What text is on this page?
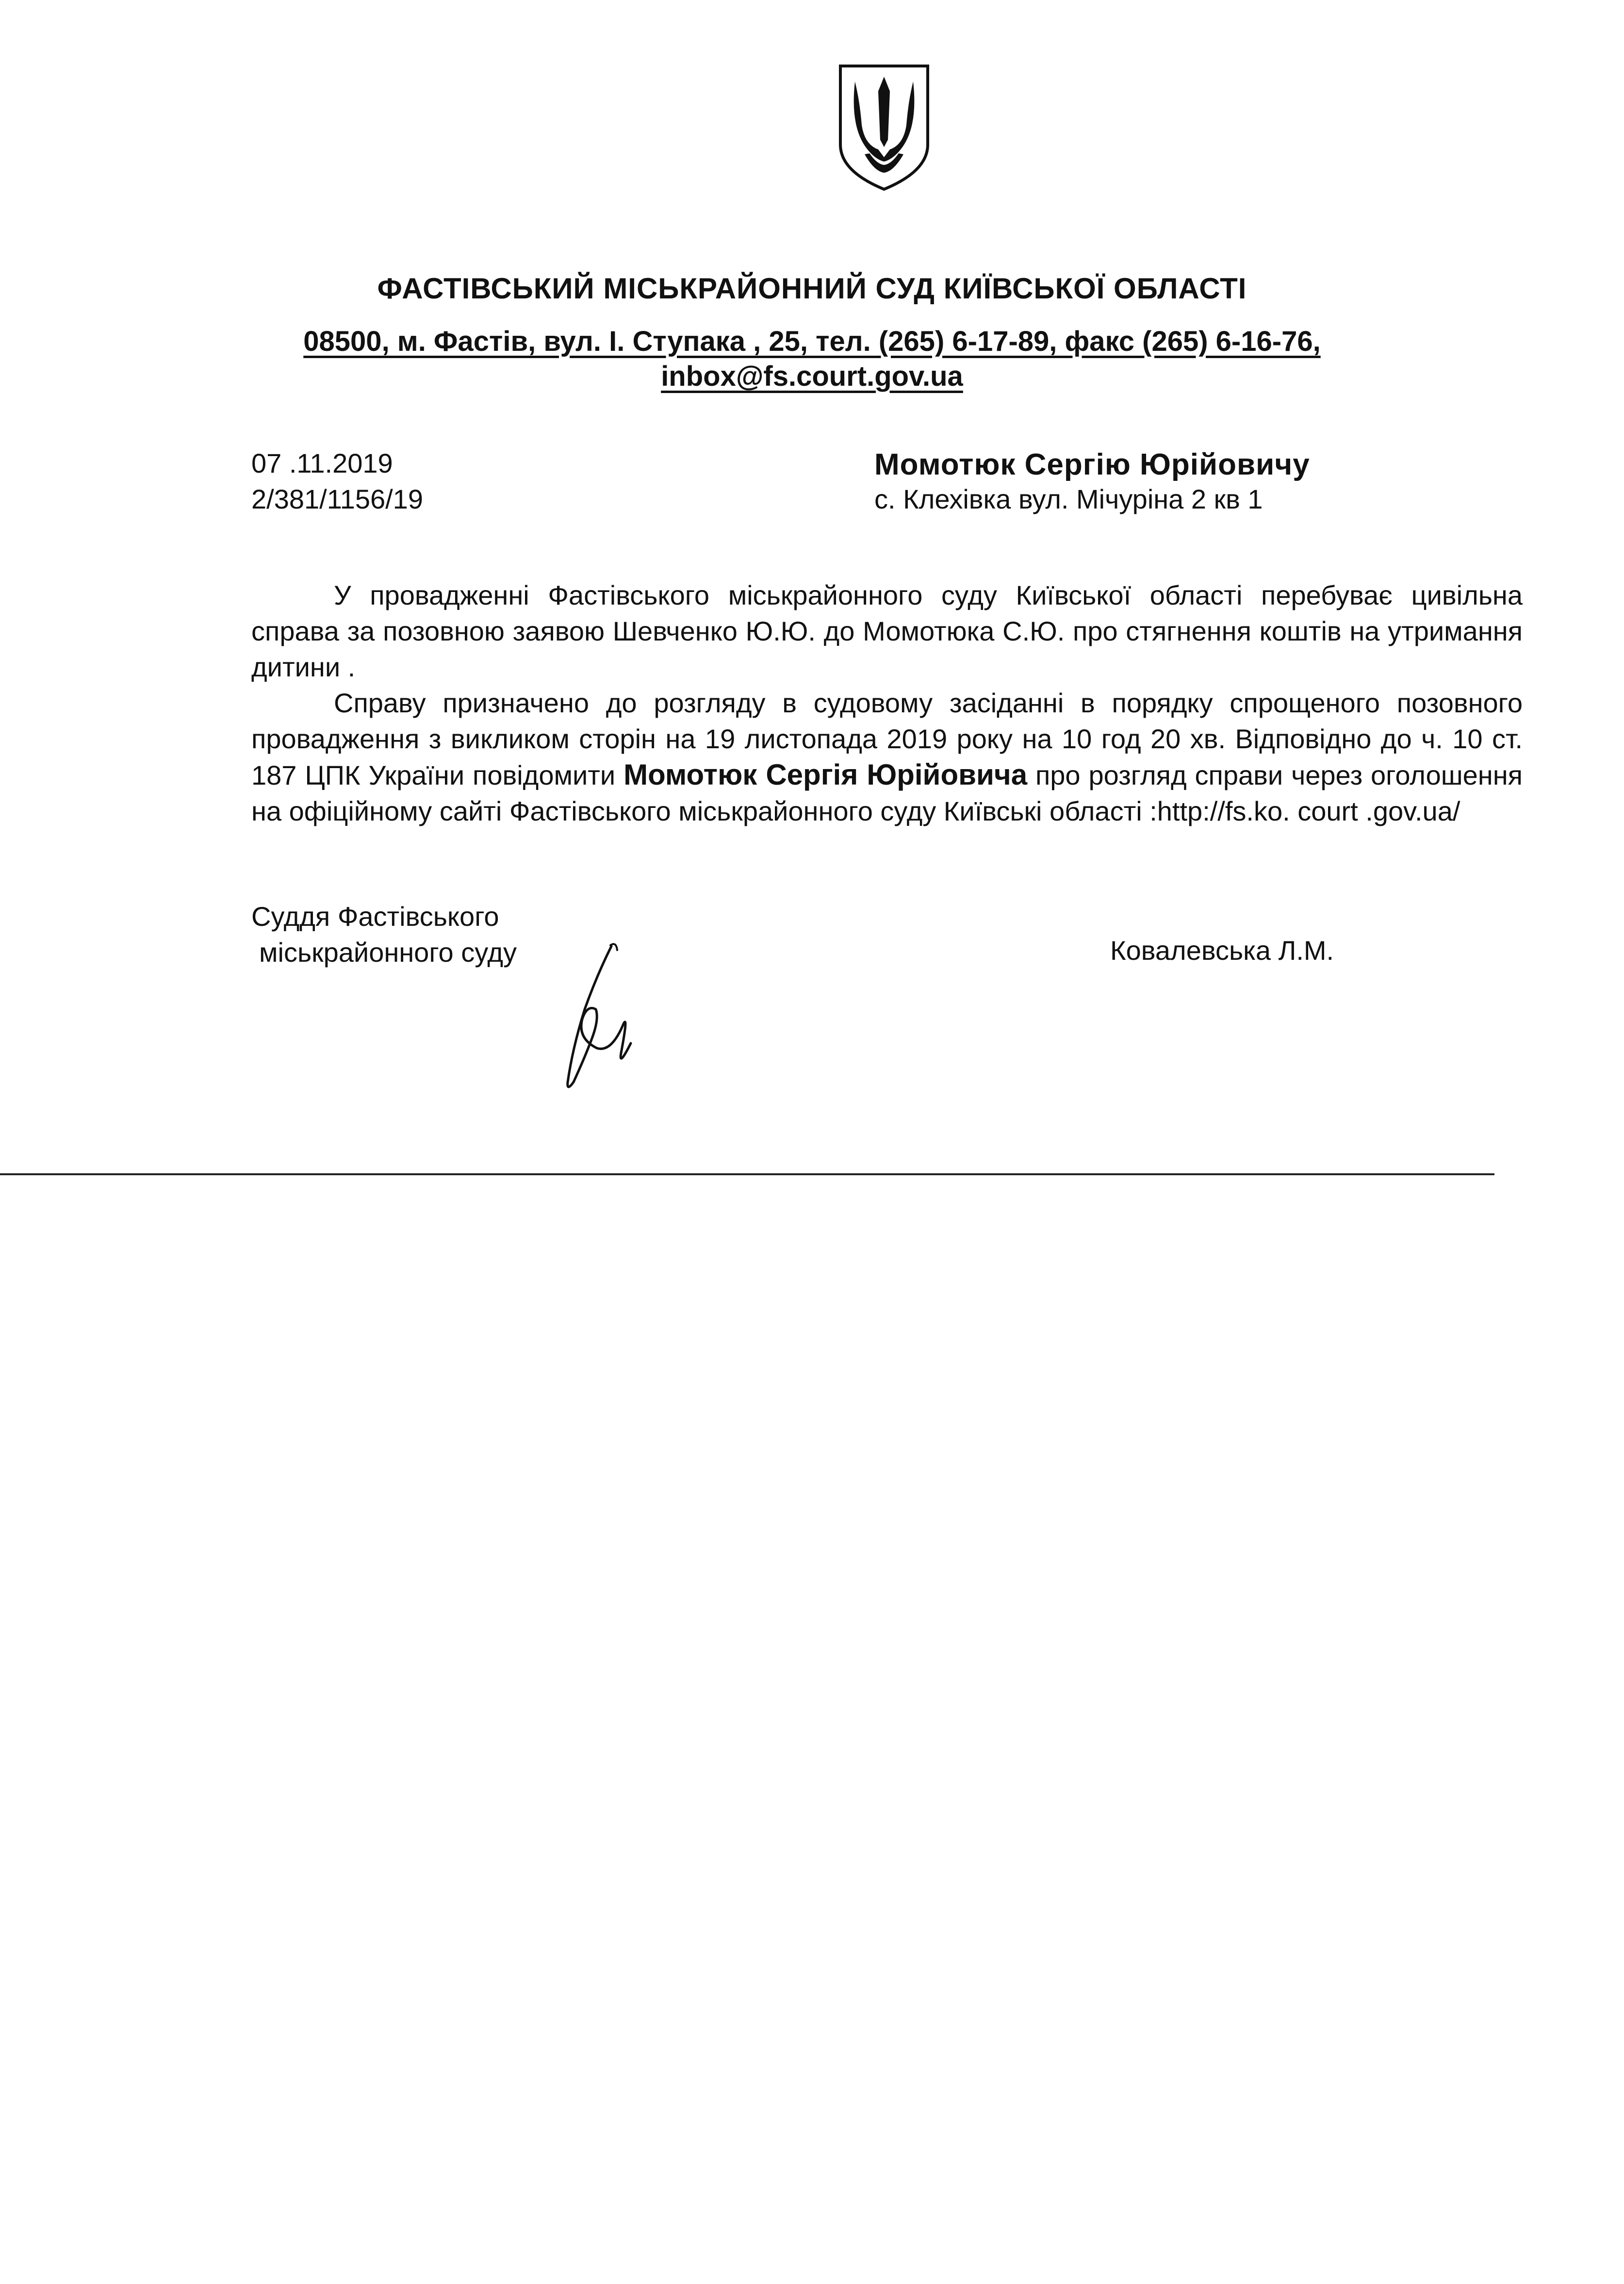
ФАСТІВСЬКИЙ МІСЬКРАЙОННИЙ СУД КИЇВСЬКОЇ ОБЛАСТІ
08500, м. Фастів, вул. І. Ступака , 25, тел. (265) 6-17-89, факс (265) 6-16-76,
inbox@fs.court.gov.ua
07 .11.2019
2/381/1156/19
Момотюк Сергію Юрійовичу
с. Клехівка вул. Мічуріна 2 кв 1

У провадженні Фастівського міськрайонного суду Київської області перебуває цивільна справа за позовною заявою Шевченко Ю.Ю. до Момотюка С.Ю. про стягнення коштів на утримання дитини .

Справу призначено до розгляду в судовому засіданні в порядку спрощеного позовного провадження з викликом сторін на 19 листопада 2019 року на 10 год 20 хв. Відповідно до ч. 10 ст. 187 ЦПК України повідомити Момотюк Сергія Юрійовича про розгляд справи через оголошення на офіційному сайті Фастівського міськрайонного суду Київські області :http://fs.ko. court .gov.ua/

Суддя Фастівського
міськрайонного суду	Ковалевська Л.М.
